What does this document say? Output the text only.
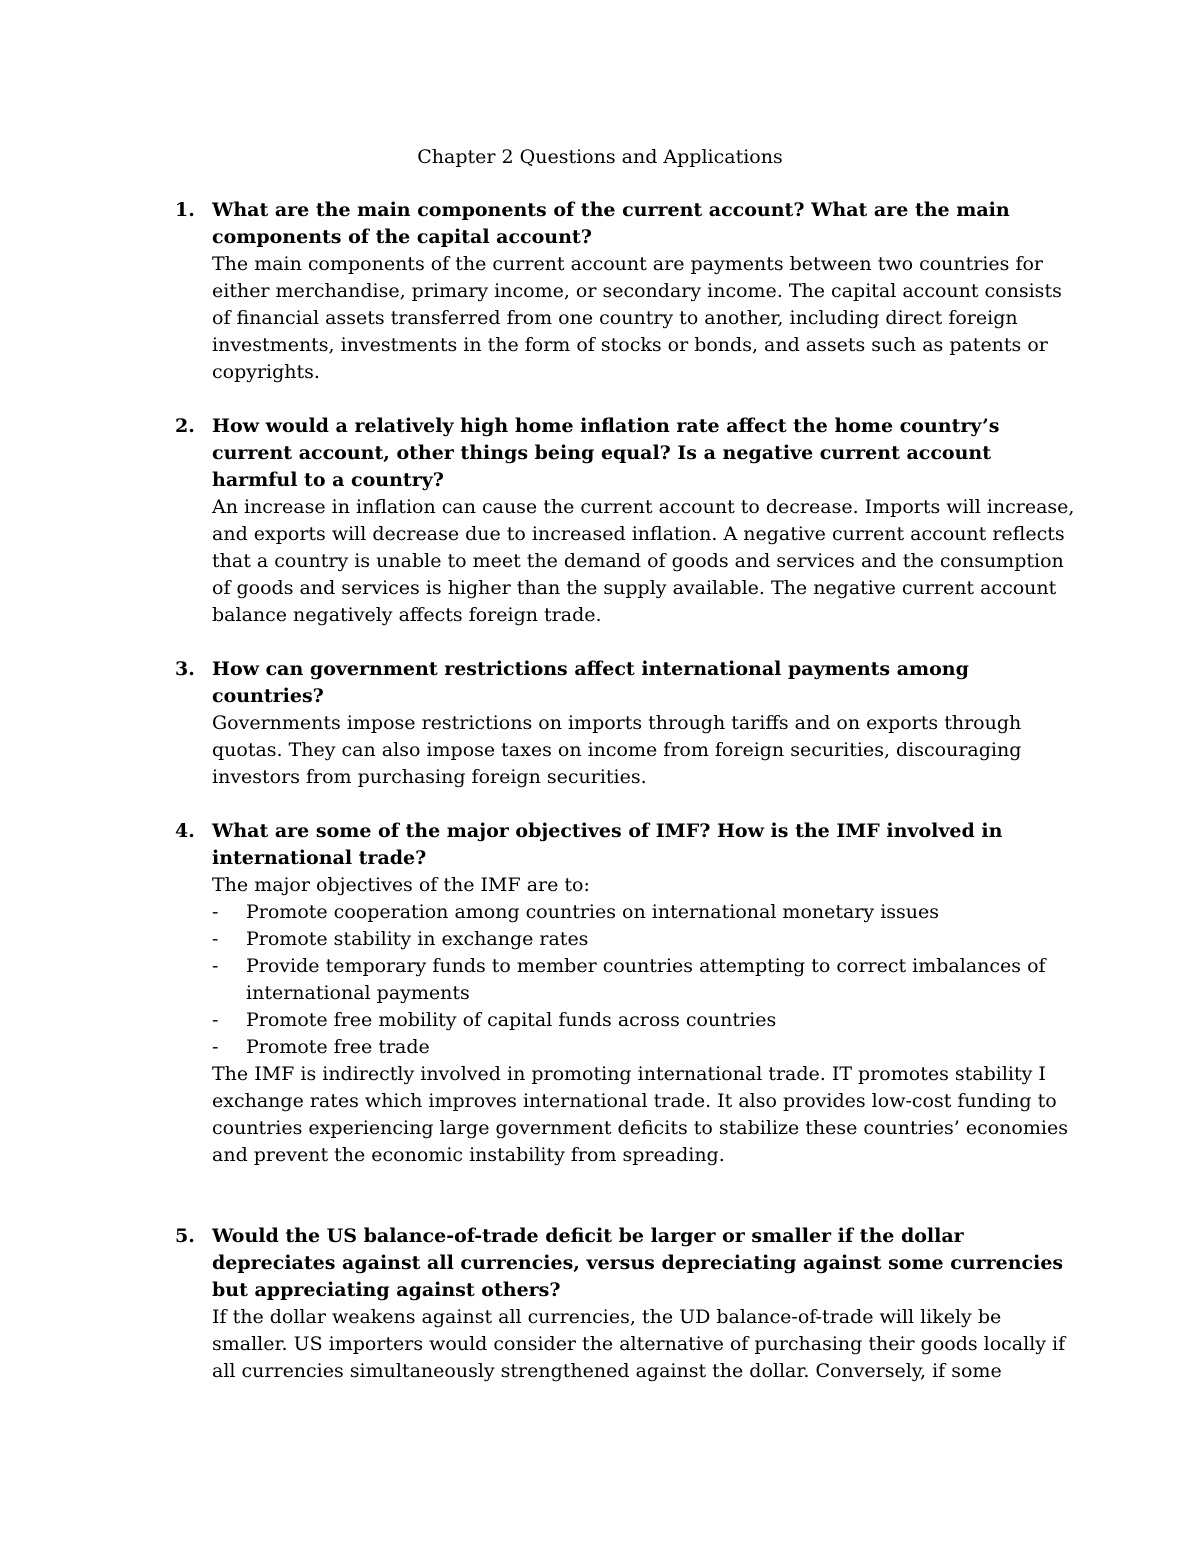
Chapter 2 Questions and Applications
1. What are the main components of the current account? What are the main components of the capital account?
The main components of the current account are payments between two countries for either merchandise, primary income, or secondary income. The capital account consists of financial assets transferred from one country to another, including direct foreign investments, investments in the form of stocks or bonds, and assets such as patents or copyrights.
2. How would a relatively high home inflation rate affect the home country’s current account, other things being equal? Is a negative current account harmful to a country?
An increase in inflation can cause the current account to decrease. Imports will increase, and exports will decrease due to increased inflation. A negative current account reflects that a country is unable to meet the demand of goods and services and the consumption of goods and services is higher than the supply available. The negative current account balance negatively affects foreign trade.
3. How can government restrictions affect international payments among countries?
Governments impose restrictions on imports through tariffs and on exports through quotas. They can also impose taxes on income from foreign securities, discouraging investors from purchasing foreign securities.
4. What are some of the major objectives of IMF? How is the IMF involved in international trade?
The major objectives of the IMF are to:
- Promote cooperation among countries on international monetary issues
- Promote stability in exchange rates
- Provide temporary funds to member countries attempting to correct imbalances of international payments
- Promote free mobility of capital funds across countries
- Promote free trade
The IMF is indirectly involved in promoting international trade. IT promotes stability I exchange rates which improves international trade. It also provides low-cost funding to countries experiencing large government deficits to stabilize these countries’ economies and prevent the economic instability from spreading.
5. Would the US balance-of-trade deficit be larger or smaller if the dollar depreciates against all currencies, versus depreciating against some currencies but appreciating against others?
If the dollar weakens against all currencies, the UD balance-of-trade will likely be smaller. US importers would consider the alternative of purchasing their goods locally if all currencies simultaneously strengthened against the dollar. Conversely, if some
